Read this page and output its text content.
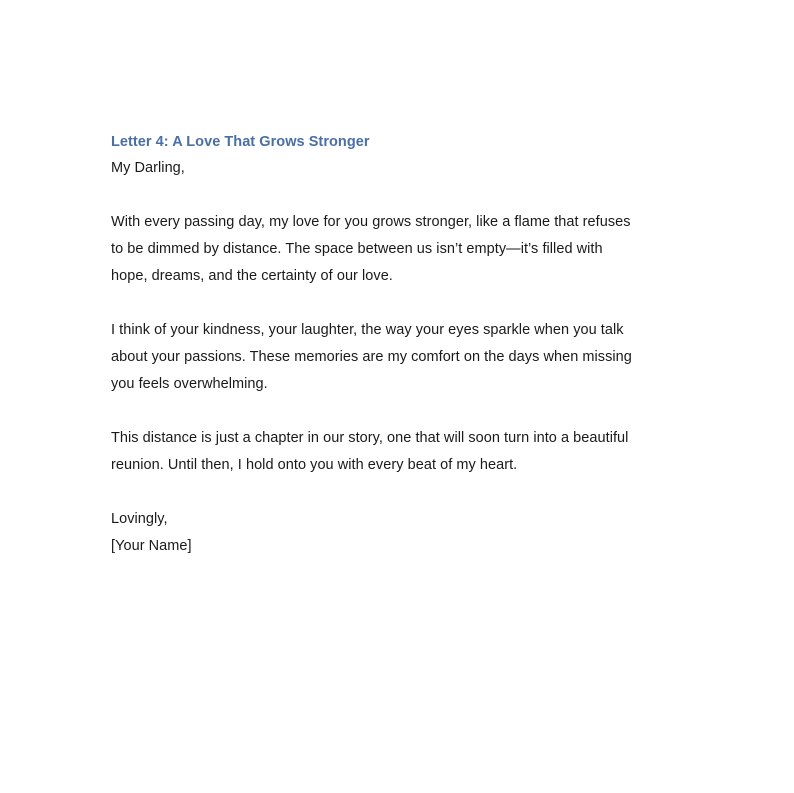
Letter 4: A Love That Grows Stronger

My Darling,

With every passing day, my love for you grows stronger, like a flame that refuses

to be dimmed by distance. The space between us isn’t empty—it’s filled with

hope, dreams, and the certainty of our love.

I think of your kindness, your laughter, the way your eyes sparkle when you talk

about your passions. These memories are my comfort on the days when missing

you feels overwhelming.

This distance is just a chapter in our story, one that will soon turn into a beautiful

reunion. Until then, I hold onto you with every beat of my heart.

Lovingly,

[Your Name]
